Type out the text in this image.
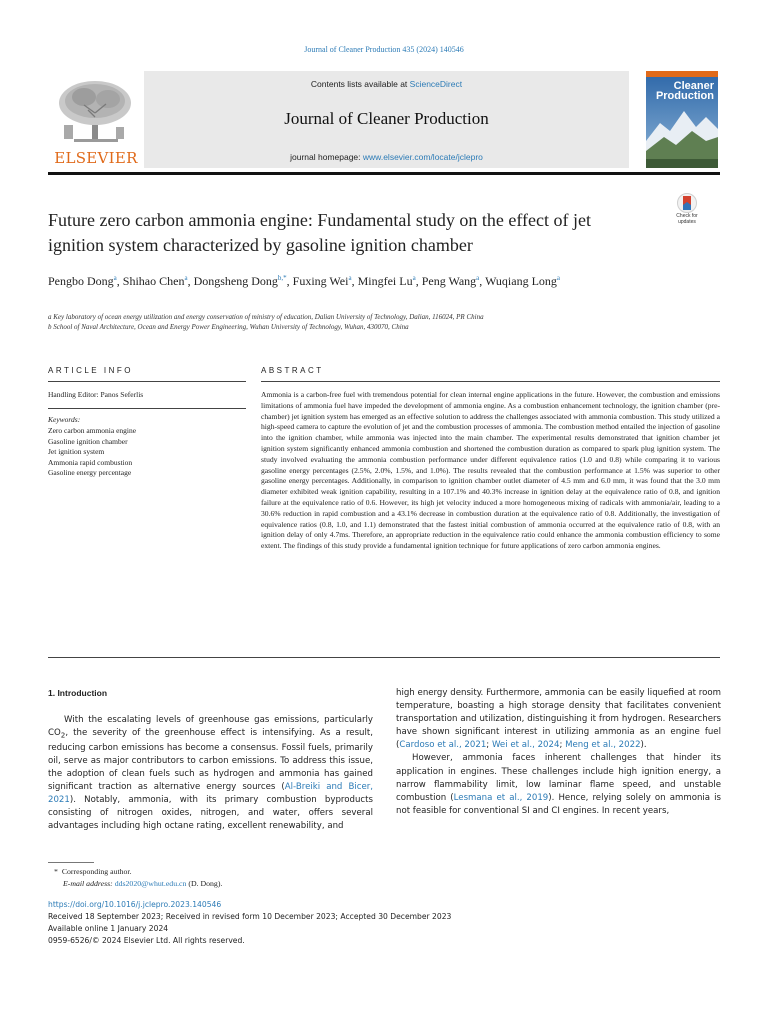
Journal of Cleaner Production 435 (2024) 140546
ELSEVIER
Contents lists available at ScienceDirect
Journal of Cleaner Production
journal homepage: www.elsevier.com/locate/jclepro
Cleaner Production
Check for updates
Future zero carbon ammonia engine: Fundamental study on the effect of jet ignition system characterized by gasoline ignition chamber
Pengbo Dong$^a$, Shihao Chen$^a$, Dongsheng Dong$^{b,*}$, Fuxing Wei$^a$, Mingfei Lu$^a$, Peng Wang$^a$, Wuqiang Long$^a$
a Key laboratory of ocean energy utilization and energy conservation of ministry of education, Dalian University of Technology, Dalian, 116024, PR China
b School of Naval Architecture, Ocean and Energy Power Engineering, Wuhan University of Technology, Wuhan, 430070, China
ARTICLE INFO	ABSTRACT
Handling Editor: Panos Seferlis
Keywords:
Zero carbon ammonia engine
Gasoline ignition chamber
Jet ignition system
Ammonia rapid combustion
Gasoline energy percentage
Ammonia is a carbon-free fuel with tremendous potential for clean internal engine applications in the future. However, the combustion and emissions limitations of ammonia fuel have impeded the development of ammonia engine. As a combustion enhancement technology, the ignition chamber (pre-chamber) jet ignition system has emerged as an effective solution to address the challenges associated with ammonia combustion. This study utilized a high-speed camera to capture the evolution of jet and the combustion processes of ammonia. The combustion method entailed the injection of gasoline into the ignition chamber, while ammonia was injected into the main chamber. The experimental results demonstrated that ignition chamber jet ignition system significantly enhanced ammonia combustion and shortened the combustion duration as compared to spark plug ignition system. The study involved evaluating the ammonia combustion performance under different equivalence ratios (1.0 and 0.8) while comparing it to various gasoline energy percentages (2.5%, 2.0%, 1.5%, and 1.0%). The results revealed that the combustion performance at 1.5% was superior to other gasoline energy percentages. Additionally, in comparison to ignition chamber outlet diameter of 4.5 mm and 6.0 mm, it was found that the 3.0 mm diameter exhibited weak ignition capability, resulting in a 107.1% and 40.3% increase in ignition delay at the equivalence ratio of 0.8, and ignition failure at the equivalence ratio of 0.6. However, its high jet velocity induced a more homogeneous mixing of radicals with ammonia/air, leading to a 30.6% reduction in rapid combustion and a 43.1% decrease in combustion duration at the equivalence ratio of 0.8. Additionally, the investigation of equivalence ratios (0.8, 1.0, and 1.1) demonstrated that the fastest initial combustion of ammonia occurred at the equivalence ratio of 0.8, with an ignition delay of only 4.7ms. Therefore, an appropriate reduction in the equivalence ratio could enhance the ammonia combustion efficiency to some extent. The findings of this study provide a fundamental ignition technique for future applications of zero carbon ammonia engines.
1. Introduction

With the escalating levels of greenhouse gas emissions, particularly $CO_2$, the severity of the greenhouse effect is intensifying. As a result, reducing carbon emissions has become a consensus. Fossil fuels, primarily oil, serve as major contributors to carbon emissions. To address this issue, the adoption of clean fuels such as hydrogen and ammonia has gained significant traction as alternative energy sources (Al-Breiki and Bicer, 2021). Notably, ammonia, with its primary combustion byproducts consisting of nitrogen oxides, nitrogen, and water, offers several advantages including high octane rating, excellent renewability, and

high energy density. Furthermore, ammonia can be easily liquefied at room temperature, boasting a high storage density that facilitates convenient transportation and utilization, distinguishing it from hydrogen. Researchers have shown significant interest in utilizing ammonia as an engine fuel (Cardoso et al., 2021; Wei et al., 2024; Meng et al., 2022).

However, ammonia faces inherent challenges that hinder its application in engines. These challenges include high ignition energy, a narrow flammability limit, low laminar flame speed, and unstable combustion (Lesmana et al., 2019). Hence, relying solely on ammonia is not feasible for conventional SI and CI engines. In recent years,

* Corresponding author.
E-mail address: dds2020@whut.edu.cn (D. Dong).
https://doi.org/10.1016/j.jclepro.2023.140546
Received 18 September 2023; Received in revised form 10 December 2023; Accepted 30 December 2023
Available online 1 January 2024
0959-6526/© 2024 Elsevier Ltd. All rights reserved.
